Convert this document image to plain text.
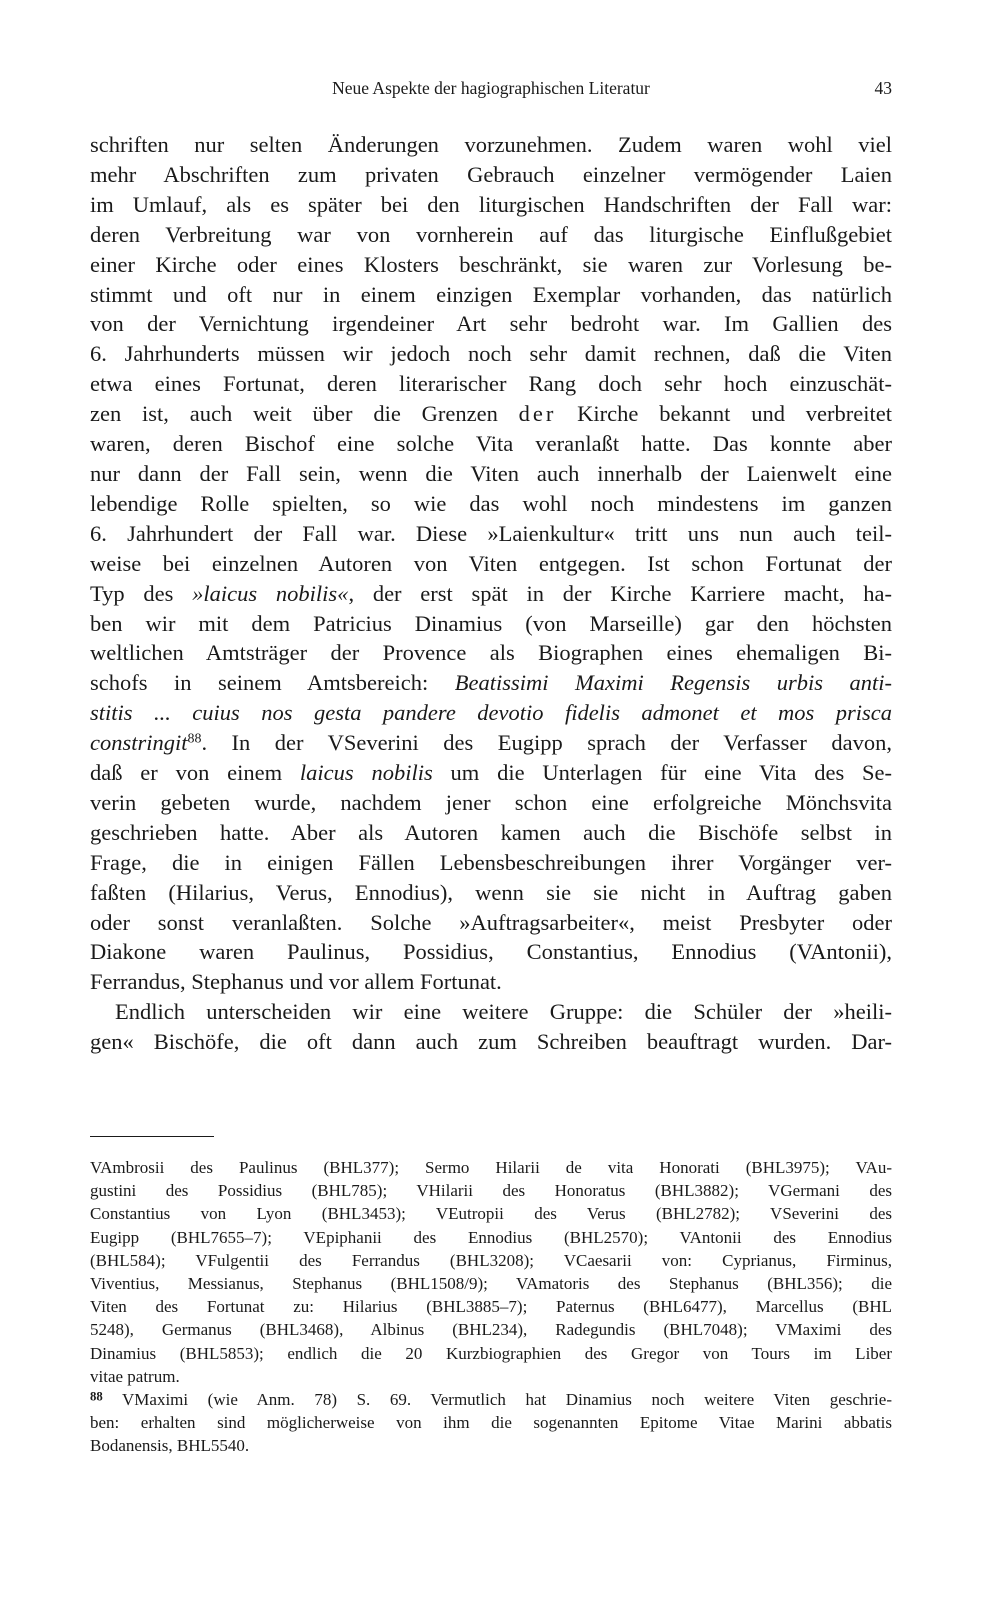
Neue Aspekte der hagiographischen Literatur	43
schriften nur selten Änderungen vorzunehmen. Zudem waren wohl viel
mehr Abschriften zum privaten Gebrauch einzelner vermögender Laien
im Umlauf, als es später bei den liturgischen Handschriften der Fall war:
deren Verbreitung war von vornherein auf das liturgische Einflußgebiet
einer Kirche oder eines Klosters beschränkt, sie waren zur Vorlesung be-
stimmt und oft nur in einem einzigen Exemplar vorhanden, das natürlich
von der Vernichtung irgendeiner Art sehr bedroht war. Im Gallien des
6. Jahrhunderts müssen wir jedoch noch sehr damit rechnen, daß die Viten
etwa eines Fortunat, deren literarischer Rang doch sehr hoch einzuschät-
zen ist, auch weit über die Grenzen der Kirche bekannt und verbreitet
waren, deren Bischof eine solche Vita veranlaßt hatte. Das konnte aber
nur dann der Fall sein, wenn die Viten auch innerhalb der Laienwelt eine
lebendige Rolle spielten, so wie das wohl noch mindestens im ganzen
6. Jahrhundert der Fall war. Diese »Laienkultur« tritt uns nun auch teil-
weise bei einzelnen Autoren von Viten entgegen. Ist schon Fortunat der
Typ des »laicus nobilis«, der erst spät in der Kirche Karriere macht, ha-
ben wir mit dem Patricius Dinamius (von Marseille) gar den höchsten
weltlichen Amtsträger der Provence als Biographen eines ehemaligen Bi-
schofs in seinem Amtsbereich: Beatissimi Maximi Regensis urbis anti-
stitis ... cuius nos gesta pandere devotio fidelis admonet et mos prisca
constringit$^{88}$. In der VSeverini des Eugipp sprach der Verfasser davon,
daß er von einem laicus nobilis um die Unterlagen für eine Vita des Se-
verin gebeten wurde, nachdem jener schon eine erfolgreiche Mönchsvita
geschrieben hatte. Aber als Autoren kamen auch die Bischöfe selbst in
Frage, die in einigen Fällen Lebensbeschreibungen ihrer Vorgänger ver-
faßten (Hilarius, Verus, Ennodius), wenn sie sie nicht in Auftrag gaben
oder sonst veranlaßten. Solche »Auftragsarbeiter«, meist Presbyter oder
Diakone waren Paulinus, Possidius, Constantius, Ennodius (VAntonii),
Ferrandus, Stephanus und vor allem Fortunat.
Endlich unterscheiden wir eine weitere Gruppe: die Schüler der »heili-
gen« Bischöfe, die oft dann auch zum Schreiben beauftragt wurden. Dar-
VAmbrosii des Paulinus (BHL377); Sermo Hilarii de vita Honorati (BHL3975); VAu-
gustini des Possidius (BHL785); VHilarii des Honoratus (BHL3882); VGermani des
Constantius von Lyon (BHL3453); VEutropii des Verus (BHL2782); VSeverini des
Eugipp (BHL7655–7); VEpiphanii des Ennodius (BHL2570); VAntonii des Ennodius
(BHL584); VFulgentii des Ferrandus (BHL3208); VCaesarii von: Cyprianus, Firminus,
Viventius, Messianus, Stephanus (BHL1508/9); VAmatoris des Stephanus (BHL356); die
Viten des Fortunat zu: Hilarius (BHL3885–7); Paternus (BHL6477), Marcellus (BHL
5248), Germanus (BHL3468), Albinus (BHL234), Radegundis (BHL7048); VMaximi des
Dinamius (BHL5853); endlich die 20 Kurzbiographien des Gregor von Tours im Liber
vitae patrum.
$^{88}$ VMaximi (wie Anm. 78) S. 69. Vermutlich hat Dinamius noch weitere Viten geschrie-
ben: erhalten sind möglicherweise von ihm die sogenannten Epitome Vitae Marini abbatis
Bodanensis, BHL5540.
